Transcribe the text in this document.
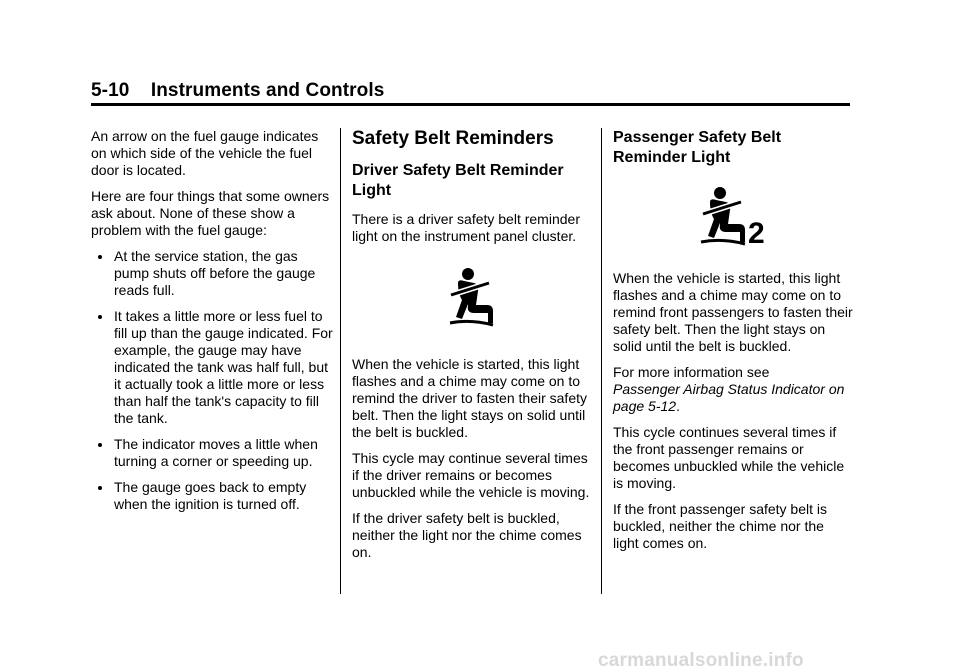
5-10 Instruments and Controls

An arrow on the fuel gauge indicates on which side of the vehicle the fuel door is located.

Here are four things that some owners ask about. None of these show a problem with the fuel gauge:

At the service station, the gas pump shuts off before the gauge reads full.
It takes a little more or less fuel to fill up than the gauge indicated. For example, the gauge may have indicated the tank was half full, but it actually took a little more or less than half the tank's capacity to fill the tank.
The indicator moves a little when turning a corner or speeding up.
The gauge goes back to empty when the ignition is turned off.
Safety Belt Reminders
Driver Safety Belt Reminder Light

There is a driver safety belt reminder light on the instrument panel cluster.

When the vehicle is started, this light flashes and a chime may come on to remind the driver to fasten their safety belt. Then the light stays on solid until the belt is buckled.

This cycle may continue several times if the driver remains or becomes unbuckled while the vehicle is moving.

If the driver safety belt is buckled, neither the light nor the chime comes on.

Passenger Safety Belt Reminder Light
2

When the vehicle is started, this light flashes and a chime may come on to remind front passengers to fasten their safety belt. Then the light stays on solid until the belt is buckled.

For more information see
Passenger Airbag Status Indicator on page 5-12.

This cycle continues several times if the front passenger remains or becomes unbuckled while the vehicle is moving.

If the front passenger safety belt is buckled, neither the chime nor the light comes on.

carmanualsonline.info
